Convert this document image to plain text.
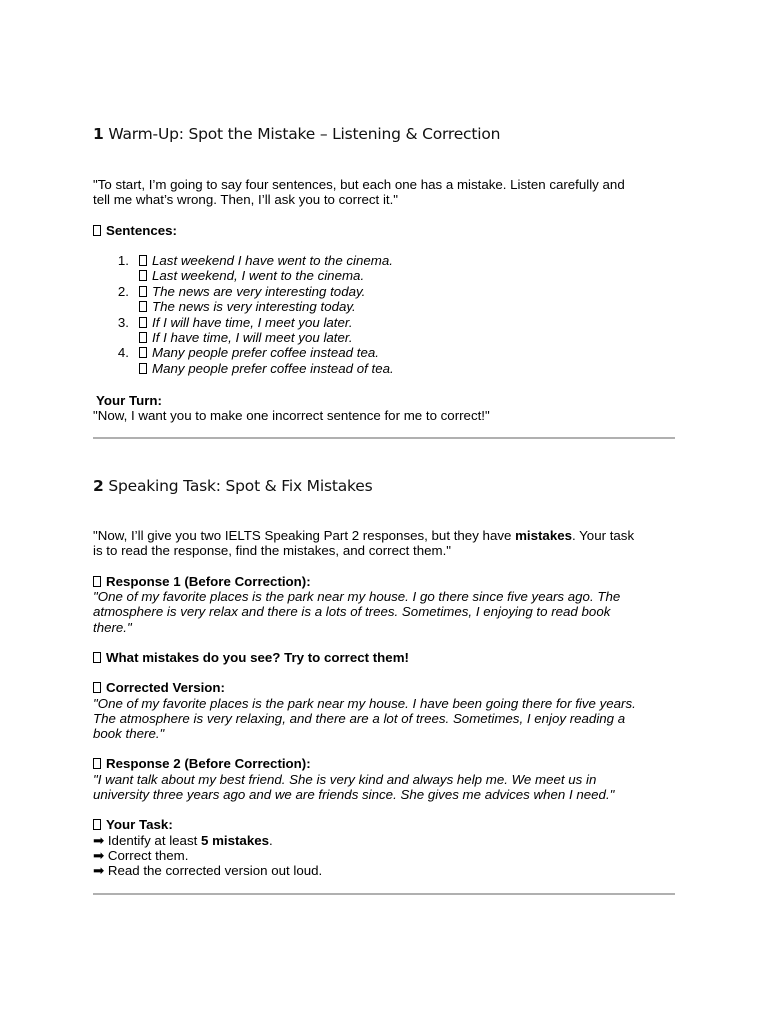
1 Warm-Up: Spot the Mistake – Listening & Correction
"To start, I’m going to say four sentences, but each one has a mistake. Listen carefully and
tell me what’s wrong. Then, I’ll ask you to correct it."
Sentences:
1. Last weekend I have went to the cinema.
Last weekend, I went to the cinema.
2. The news are very interesting today.
The news is very interesting today.
3. If I will have time, I meet you later.
If I have time, I will meet you later.
4. Many people prefer coffee instead tea.
Many people prefer coffee instead of tea.
Your Turn:
"Now, I want you to make one incorrect sentence for me to correct!"
2 Speaking Task: Spot & Fix Mistakes
"Now, I’ll give you two IELTS Speaking Part 2 responses, but they have mistakes. Your task
is to read the response, find the mistakes, and correct them."
Response 1 (Before Correction):
"One of my favorite places is the park near my house. I go there since five years ago. The
atmosphere is very relax and there is a lots of trees. Sometimes, I enjoying to read book
there."
What mistakes do you see? Try to correct them!
Corrected Version:
"One of my favorite places is the park near my house. I have been going there for five years.
The atmosphere is very relaxing, and there are a lot of trees. Sometimes, I enjoy reading a
book there."
Response 2 (Before Correction):
"I want talk about my best friend. She is very kind and always help me. We meet us in
university three years ago and we are friends since. She gives me advices when I need."
Your Task:
➡ Identify at least 5 mistakes.
➡ Correct them.
➡ Read the corrected version out loud.
